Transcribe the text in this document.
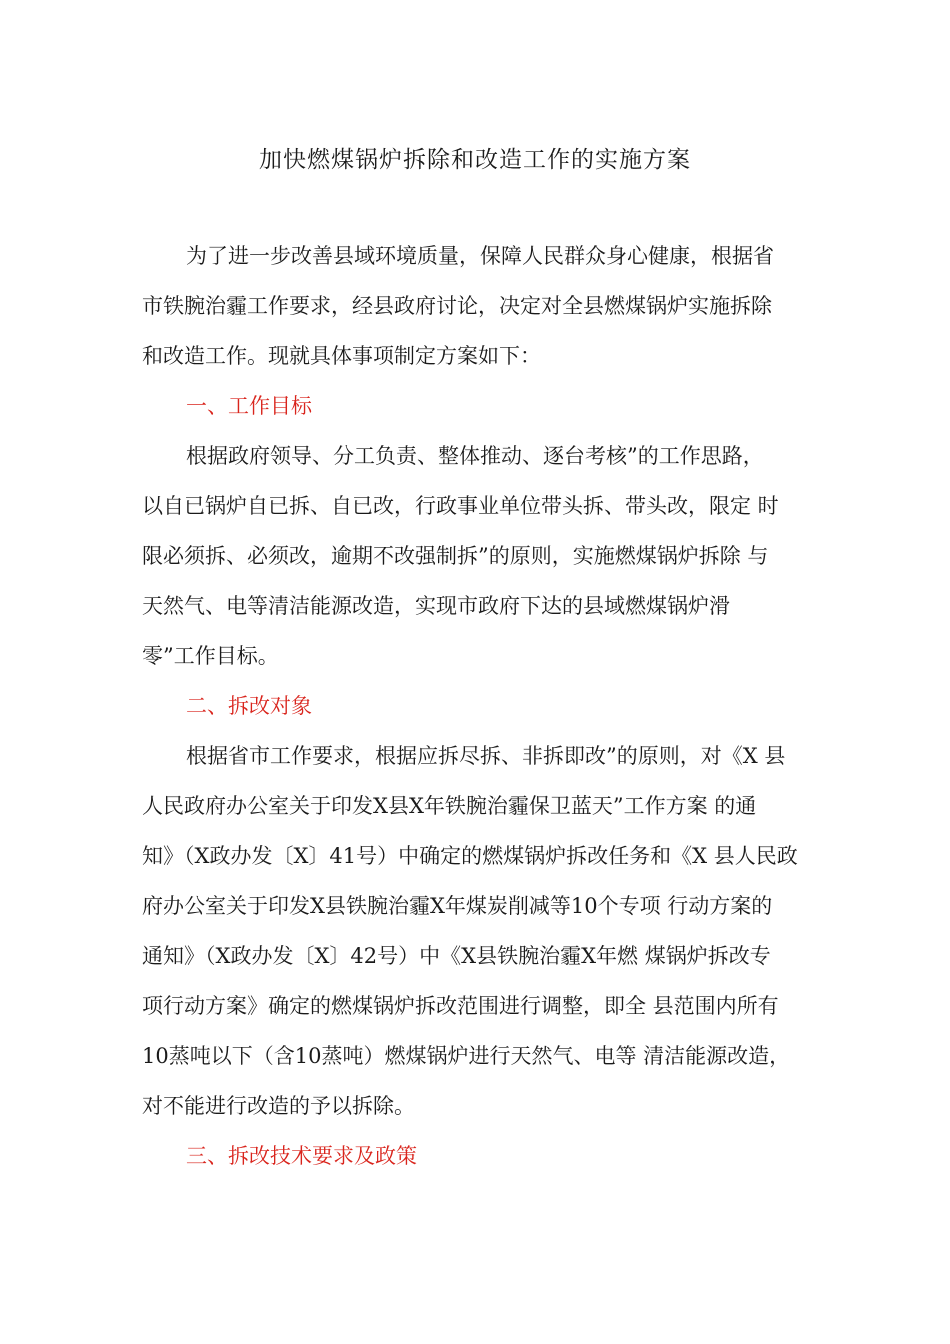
加快燃煤锅炉拆除和改造工作的实施方案
为了进一步改善县域环境质量，保障人民群众身心健康，根据省
市铁腕治霾工作要求，经县政府讨论，决定对全县燃煤锅炉实施拆除
和改造工作。现就具体事项制定方案如下：
一、工作目标
根据政府领导、分工负责、整体推动、逐台考核”的工作思路，
以自已锅炉自已拆、自已改，行政事业单位带头拆、带头改，限定 时
限必须拆、必须改，逾期不改强制拆”的原则，实施燃煤锅炉拆除 与
天然气、电等清洁能源改造，实现市政府下达的县域燃煤锅炉滑
零”工作目标。
二、拆改对象
根据省市工作要求，根据应拆尽拆、非拆即改”的原则，对《X 县
人民政府办公室关于印发X县X年铁腕治霾保卫蓝天”工作方案 的通
知》（X政办发〔X〕41号）中确定的燃煤锅炉拆改任务和《X 县人民政
府办公室关于印发X县铁腕治霾X年煤炭削减等10个专项 行动方案的
通知》（X政办发〔X〕42号）中《X县铁腕治霾X年燃 煤锅炉拆改专
项行动方案》确定的燃煤锅炉拆改范围进行调整，即全 县范围内所有
10蒸吨以下（含10蒸吨）燃煤锅炉进行天然气、电等 清洁能源改造，
对不能进行改造的予以拆除。
三、拆改技术要求及政策
